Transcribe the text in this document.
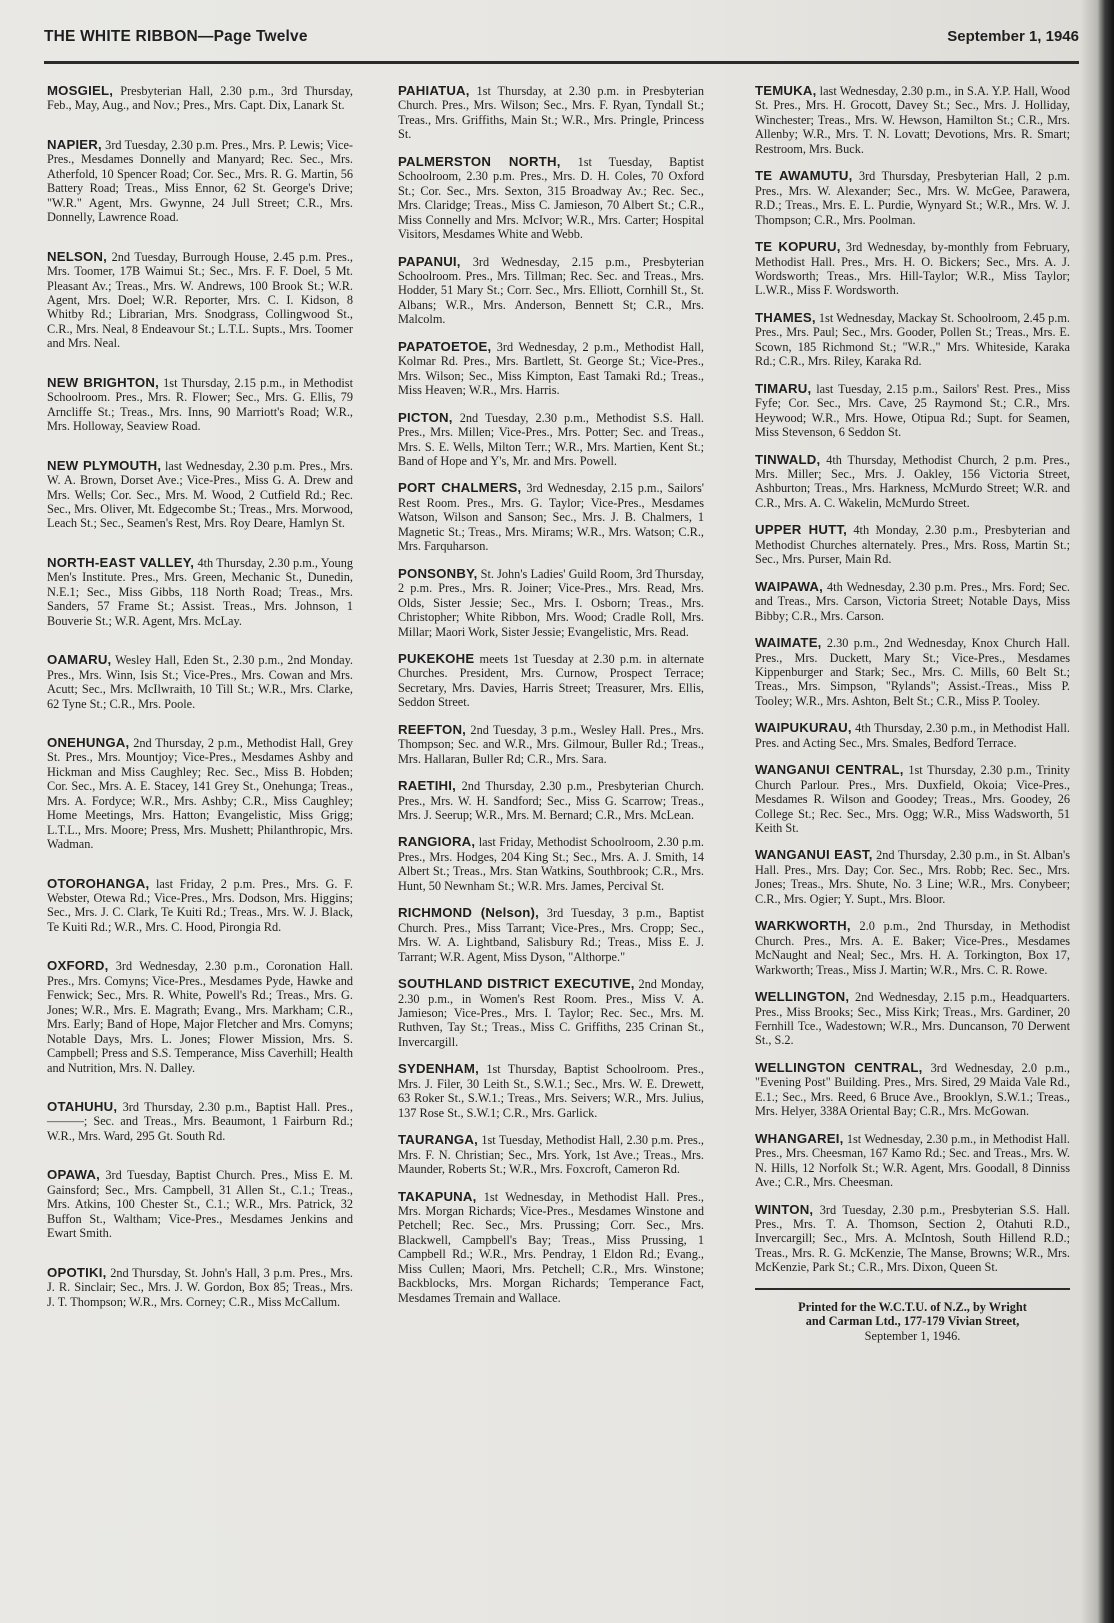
THE WHITE RIBBON—Page Twelve	September 1, 1946
MOSGIEL, Presbyterian Hall, 2.30 p.m., 3rd Thursday, Feb., May, Aug., and Nov.; Pres., Mrs. Capt. Dix, Lanark St.
NAPIER, 3rd Tuesday, 2.30 p.m. Pres., Mrs. P. Lewis; Vice-Pres., Mesdames Donnelly and Manyard; Rec. Sec., Mrs. Atherfold, 10 Spencer Road; Cor. Sec., Mrs. R. G. Martin, 56 Battery Road; Treas., Miss Ennor, 62 St. George's Drive; "W.R." Agent, Mrs. Gwynne, 24 Jull Street; C.R., Mrs. Donnelly, Lawrence Road.
NELSON, 2nd Tuesday, Burrough House, 2.45 p.m. Pres., Mrs. Toomer, 17B Waimui St.; Sec., Mrs. F. F. Doel, 5 Mt. Pleasant Av.; Treas., Mrs. W. Andrews, 100 Brook St.; W.R. Agent, Mrs. Doel; W.R. Reporter, Mrs. C. I. Kidson, 8 Whitby Rd.; Librarian, Mrs. Snodgrass, Collingwood St., C.R., Mrs. Neal, 8 Endeavour St.; L.T.L. Supts., Mrs. Toomer and Mrs. Neal.
NEW BRIGHTON, 1st Thursday, 2.15 p.m., in Methodist Schoolroom. Pres., Mrs. R. Flower; Sec., Mrs. G. Ellis, 79 Arncliffe St.; Treas., Mrs. Inns, 90 Marriott's Road; W.R., Mrs. Holloway, Seaview Road.
NEW PLYMOUTH, last Wednesday, 2.30 p.m. Pres., Mrs. W. A. Brown, Dorset Ave.; Vice-Pres., Miss G. A. Drew and Mrs. Wells; Cor. Sec., Mrs. M. Wood, 2 Cutfield Rd.; Rec. Sec., Mrs. Oliver, Mt. Edgecombe St.; Treas., Mrs. Morwood, Leach St.; Sec., Seamen's Rest, Mrs. Roy Deare, Hamlyn St.
NORTH-EAST VALLEY, 4th Thursday, 2.30 p.m., Young Men's Institute. Pres., Mrs. Green, Mechanic St., Dunedin, N.E.1; Sec., Miss Gibbs, 118 North Road; Treas., Mrs. Sanders, 57 Frame St.; Assist. Treas., Mrs. Johnson, 1 Bouverie St.; W.R. Agent, Mrs. McLay.
OAMARU, Wesley Hall, Eden St., 2.30 p.m., 2nd Monday. Pres., Mrs. Winn, Isis St.; Vice-Pres., Mrs. Cowan and Mrs. Acutt; Sec., Mrs. McIlwraith, 10 Till St.; W.R., Mrs. Clarke, 62 Tyne St.; C.R., Mrs. Poole.
ONEHUNGA, 2nd Thursday, 2 p.m., Methodist Hall, Grey St. Pres., Mrs. Mountjoy; Vice-Pres., Mesdames Ashby and Hickman and Miss Caughley; Rec. Sec., Miss B. Hobden; Cor. Sec., Mrs. A. E. Stacey, 141 Grey St., Onehunga; Treas., Mrs. A. Fordyce; W.R., Mrs. Ashby; C.R., Miss Caughley; Home Meetings, Mrs. Hatton; Evangelistic, Miss Grigg; L.T.L., Mrs. Moore; Press, Mrs. Mushett; Philanthropic, Mrs. Wadman.
OTOROHANGA, last Friday, 2 p.m. Pres., Mrs. G. F. Webster, Otewa Rd.; Vice-Pres., Mrs. Dodson, Mrs. Higgins; Sec., Mrs. J. C. Clark, Te Kuiti Rd.; Treas., Mrs. W. J. Black, Te Kuiti Rd.; W.R., Mrs. C. Hood, Pirongia Rd.
OXFORD, 3rd Wednesday, 2.30 p.m., Coronation Hall. Pres., Mrs. Comyns; Vice-Pres., Mesdames Pyde, Hawke and Fenwick; Sec., Mrs. R. White, Powell's Rd.; Treas., Mrs. G. Jones; W.R., Mrs. E. Magrath; Evang., Mrs. Markham; C.R., Mrs. Early; Band of Hope, Major Fletcher and Mrs. Comyns; Notable Days, Mrs. L. Jones; Flower Mission, Mrs. S. Campbell; Press and S.S. Temperance, Miss Caverhill; Health and Nutrition, Mrs. N. Dalley.
OTAHUHU, 3rd Thursday, 2.30 p.m., Baptist Hall. Pres., ———; Sec. and Treas., Mrs. Beaumont, 1 Fairburn Rd.; W.R., Mrs. Ward, 295 Gt. South Rd.
OPAWA, 3rd Tuesday, Baptist Church. Pres., Miss E. M. Gainsford; Sec., Mrs. Campbell, 31 Allen St., C.1.; Treas., Mrs. Atkins, 100 Chester St., C.1.; W.R., Mrs. Patrick, 32 Buffon St., Waltham; Vice-Pres., Mesdames Jenkins and Ewart Smith.
OPOTIKI, 2nd Thursday, St. John's Hall, 3 p.m. Pres., Mrs. J. R. Sinclair; Sec., Mrs. J. W. Gordon, Box 85; Treas., Mrs. J. T. Thompson; W.R., Mrs. Corney; C.R., Miss McCallum.
PAHIATUA, 1st Thursday, at 2.30 p.m. in Presbyterian Church. Pres., Mrs. Wilson; Sec., Mrs. F. Ryan, Tyndall St.; Treas., Mrs. Griffiths, Main St.; W.R., Mrs. Pringle, Princess St.
PALMERSTON NORTH, 1st Tuesday, Baptist Schoolroom, 2.30 p.m. Pres., Mrs. D. H. Coles, 70 Oxford St.; Cor. Sec., Mrs. Sexton, 315 Broadway Av.; Rec. Sec., Mrs. Claridge; Treas., Miss C. Jamieson, 70 Albert St.; C.R., Miss Connelly and Mrs. McIvor; W.R., Mrs. Carter; Hospital Visitors, Mesdames White and Webb.
PAPANUI, 3rd Wednesday, 2.15 p.m., Presbyterian Schoolroom. Pres., Mrs. Tillman; Rec. Sec. and Treas., Mrs. Hodder, 51 Mary St.; Corr. Sec., Mrs. Elliott, Cornhill St., St. Albans; W.R., Mrs. Anderson, Bennett St; C.R., Mrs. Malcolm.
PAPATOETOE, 3rd Wednesday, 2 p.m., Methodist Hall, Kolmar Rd. Pres., Mrs. Bartlett, St. George St.; Vice-Pres., Mrs. Wilson; Sec., Miss Kimpton, East Tamaki Rd.; Treas., Miss Heaven; W.R., Mrs. Harris.
PICTON, 2nd Tuesday, 2.30 p.m., Methodist S.S. Hall. Pres., Mrs. Millen; Vice-Pres., Mrs. Potter; Sec. and Treas., Mrs. S. E. Wells, Milton Terr.; W.R., Mrs. Martien, Kent St.; Band of Hope and Y's, Mr. and Mrs. Powell.
PORT CHALMERS, 3rd Wednesday, 2.15 p.m., Sailors' Rest Room. Pres., Mrs. G. Taylor; Vice-Pres., Mesdames Watson, Wilson and Sanson; Sec., Mrs. J. B. Chalmers, 1 Magnetic St.; Treas., Mrs. Mirams; W.R., Mrs. Watson; C.R., Mrs. Farquharson.
PONSONBY, St. John's Ladies' Guild Room, 3rd Thursday, 2 p.m. Pres., Mrs. R. Joiner; Vice-Pres., Mrs. Read, Mrs. Olds, Sister Jessie; Sec., Mrs. I. Osborn; Treas., Mrs. Christopher; White Ribbon, Mrs. Wood; Cradle Roll, Mrs. Millar; Maori Work, Sister Jessie; Evangelistic, Mrs. Read.
PUKEKOHE meets 1st Tuesday at 2.30 p.m. in alternate Churches. President, Mrs. Curnow, Prospect Terrace; Secretary, Mrs. Davies, Harris Street; Treasurer, Mrs. Ellis, Seddon Street.
REEFTON, 2nd Tuesday, 3 p.m., Wesley Hall. Pres., Mrs. Thompson; Sec. and W.R., Mrs. Gilmour, Buller Rd.; Treas., Mrs. Hallaran, Buller Rd; C.R., Mrs. Sara.
RAETIHI, 2nd Thursday, 2.30 p.m., Presbyterian Church. Pres., Mrs. W. H. Sandford; Sec., Miss G. Scarrow; Treas., Mrs. J. Seerup; W.R., Mrs. M. Bernard; C.R., Mrs. McLean.
RANGIORA, last Friday, Methodist Schoolroom, 2.30 p.m. Pres., Mrs. Hodges, 204 King St.; Sec., Mrs. A. J. Smith, 14 Albert St.; Treas., Mrs. Stan Watkins, Southbrook; C.R., Mrs. Hunt, 50 Newnham St.; W.R. Mrs. James, Percival St.
RICHMOND (Nelson), 3rd Tuesday, 3 p.m., Baptist Church. Pres., Miss Tarrant; Vice-Pres., Mrs. Cropp; Sec., Mrs. W. A. Lightband, Salisbury Rd.; Treas., Miss E. J. Tarrant; W.R. Agent, Miss Dyson, "Althorpe."
SOUTHLAND DISTRICT EXECUTIVE, 2nd Monday, 2.30 p.m., in Women's Rest Room. Pres., Miss V. A. Jamieson; Vice-Pres., Mrs. I. Taylor; Rec. Sec., Mrs. M. Ruthven, Tay St.; Treas., Miss C. Griffiths, 235 Crinan St., Invercargill.
SYDENHAM, 1st Thursday, Baptist Schoolroom. Pres., Mrs. J. Filer, 30 Leith St., S.W.1.; Sec., Mrs. W. E. Drewett, 63 Roker St., S.W.1.; Treas., Mrs. Seivers; W.R., Mrs. Julius, 137 Rose St., S.W.1; C.R., Mrs. Garlick.
TAURANGA, 1st Tuesday, Methodist Hall, 2.30 p.m. Pres., Mrs. F. N. Christian; Sec., Mrs. York, 1st Ave.; Treas., Mrs. Maunder, Roberts St.; W.R., Mrs. Foxcroft, Cameron Rd.
TAKAPUNA, 1st Wednesday, in Methodist Hall. Pres., Mrs. Morgan Richards; Vice-Pres., Mesdames Winstone and Petchell; Rec. Sec., Mrs. Prussing; Corr. Sec., Mrs. Blackwell, Campbell's Bay; Treas., Miss Prussing, 1 Campbell Rd.; W.R., Mrs. Pendray, 1 Eldon Rd.; Evang., Miss Cullen; Maori, Mrs. Petchell; C.R., Mrs. Winstone; Backblocks, Mrs. Morgan Richards; Temperance Fact, Mesdames Tremain and Wallace.
TEMUKA, last Wednesday, 2.30 p.m., in S.A. Y.P. Hall, Wood St. Pres., Mrs. H. Grocott, Davey St.; Sec., Mrs. J. Holliday, Winchester; Treas., Mrs. W. Hewson, Hamilton St.; C.R., Mrs. Allenby; W.R., Mrs. T. N. Lovatt; Devotions, Mrs. R. Smart; Restroom, Mrs. Buck.
TE AWAMUTU, 3rd Thursday, Presbyterian Hall, 2 p.m. Pres., Mrs. W. Alexander; Sec., Mrs. W. McGee, Parawera, R.D.; Treas., Mrs. E. L. Purdie, Wynyard St.; W.R., Mrs. W. J. Thompson; C.R., Mrs. Poolman.
TE KOPURU, 3rd Wednesday, by-monthly from February, Methodist Hall. Pres., Mrs. H. O. Bickers; Sec., Mrs. A. J. Wordsworth; Treas., Mrs. Hill-Taylor; W.R., Miss Taylor; L.W.R., Miss F. Wordsworth.
THAMES, 1st Wednesday, Mackay St. Schoolroom, 2.45 p.m. Pres., Mrs. Paul; Sec., Mrs. Gooder, Pollen St.; Treas., Mrs. E. Scown, 185 Richmond St.; "W.R.," Mrs. Whiteside, Karaka Rd.; C.R., Mrs. Riley, Karaka Rd.
TIMARU, last Tuesday, 2.15 p.m., Sailors' Rest. Pres., Miss Fyfe; Cor. Sec., Mrs. Cave, 25 Raymond St.; C.R., Mrs. Heywood; W.R., Mrs. Howe, Otipua Rd.; Supt. for Seamen, Miss Stevenson, 6 Seddon St.
TINWALD, 4th Thursday, Methodist Church, 2 p.m. Pres., Mrs. Miller; Sec., Mrs. J. Oakley, 156 Victoria Street, Ashburton; Treas., Mrs. Harkness, McMurdo Street; W.R. and C.R., Mrs. A. C. Wakelin, McMurdo Street.
UPPER HUTT, 4th Monday, 2.30 p.m., Presbyterian and Methodist Churches alternately. Pres., Mrs. Ross, Martin St.; Sec., Mrs. Purser, Main Rd.
WAIPAWA, 4th Wednesday, 2.30 p.m. Pres., Mrs. Ford; Sec. and Treas., Mrs. Carson, Victoria Street; Notable Days, Miss Bibby; C.R., Mrs. Carson.
WAIMATE, 2.30 p.m., 2nd Wednesday, Knox Church Hall. Pres., Mrs. Duckett, Mary St.; Vice-Pres., Mesdames Kippenburger and Stark; Sec., Mrs. C. Mills, 60 Belt St.; Treas., Mrs. Simpson, "Rylands"; Assist.-Treas., Miss P. Tooley; W.R., Mrs. Ashton, Belt St.; C.R., Miss P. Tooley.
WAIPUKURAU, 4th Thursday, 2.30 p.m., in Methodist Hall. Pres. and Acting Sec., Mrs. Smales, Bedford Terrace.
WANGANUI CENTRAL, 1st Thursday, 2.30 p.m., Trinity Church Parlour. Pres., Mrs. Duxfield, Okoia; Vice-Pres., Mesdames R. Wilson and Goodey; Treas., Mrs. Goodey, 26 College St.; Rec. Sec., Mrs. Ogg; W.R., Miss Wadsworth, 51 Keith St.
WANGANUI EAST, 2nd Thursday, 2.30 p.m., in St. Alban's Hall. Pres., Mrs. Day; Cor. Sec., Mrs. Robb; Rec. Sec., Mrs. Jones; Treas., Mrs. Shute, No. 3 Line; W.R., Mrs. Conybeer; C.R., Mrs. Ogier; Y. Supt., Mrs. Bloor.
WARKWORTH, 2.0 p.m., 2nd Thursday, in Methodist Church. Pres., Mrs. A. E. Baker; Vice-Pres., Mesdames McNaught and Neal; Sec., Mrs. H. A. Torkington, Box 17, Warkworth; Treas., Miss J. Martin; W.R., Mrs. C. R. Rowe.
WELLINGTON, 2nd Wednesday, 2.15 p.m., Headquarters. Pres., Miss Brooks; Sec., Miss Kirk; Treas., Mrs. Gardiner, 20 Fernhill Tce., Wadestown; W.R., Mrs. Duncanson, 70 Derwent St., S.2.
WELLINGTON CENTRAL, 3rd Wednesday, 2.0 p.m., "Evening Post" Building. Pres., Mrs. Sired, 29 Maida Vale Rd., E.1.; Sec., Mrs. Reed, 6 Bruce Ave., Brooklyn, S.W.1.; Treas., Mrs. Helyer, 338A Oriental Bay; C.R., Mrs. McGowan.
WHANGAREI, 1st Wednesday, 2.30 p.m., in Methodist Hall. Pres., Mrs. Cheesman, 167 Kamo Rd.; Sec. and Treas., Mrs. W. N. Hills, 12 Norfolk St.; W.R. Agent, Mrs. Goodall, 8 Dinniss Ave.; C.R., Mrs. Cheesman.
WINTON, 3rd Tuesday, 2.30 p.m., Presbyterian S.S. Hall. Pres., Mrs. T. A. Thomson, Section 2, Otahuti R.D., Invercargill; Sec., Mrs. A. McIntosh, South Hillend R.D.; Treas., Mrs. R. G. McKenzie, The Manse, Browns; W.R., Mrs. McKenzie, Park St.; C.R., Mrs. Dixon, Queen St.
Printed for the W.C.T.U. of N.Z., by Wright
and Carman Ltd., 177-179 Vivian Street,
September 1, 1946.
